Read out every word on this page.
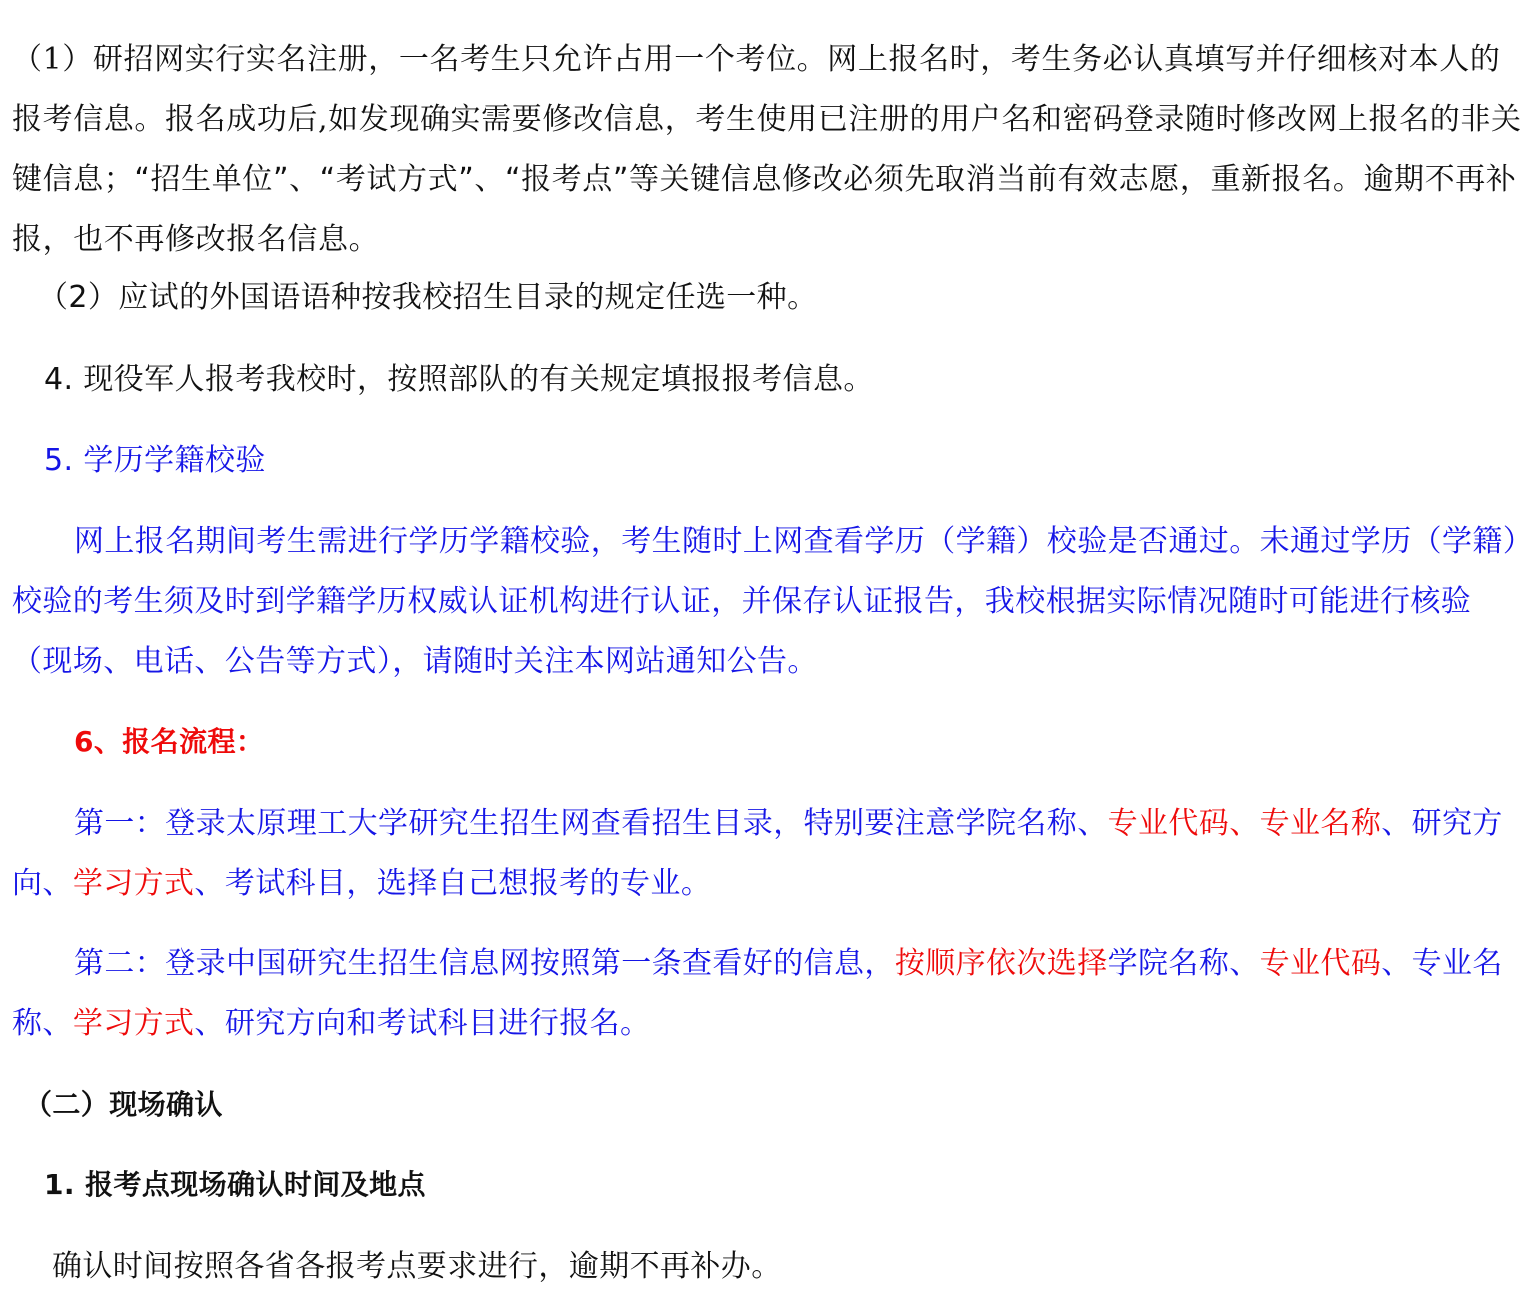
（1）研招网实行实名注册，一名考生只允许占用一个考位。网上报名时，考生务必认真填写并仔细核对本人的报考信息。报名成功后,如发现确实需要修改信息，考生使用已注册的用户名和密码登录随时修改网上报名的非关键信息；“招生单位”、“考试方式”、“报考点”等关键信息修改必须先取消当前有效志愿，重新报名。逾期不再补报，也不再修改报名信息。

（2）应试的外国语语种按我校招生目录的规定任选一种。

4. 现役军人报考我校时，按照部队的有关规定填报报考信息。

5. 学历学籍校验

网上报名期间考生需进行学历学籍校验，考生随时上网查看学历（学籍）校验是否通过。未通过学历（学籍）校验的考生须及时到学籍学历权威认证机构进行认证，并保存认证报告，我校根据实际情况随时可能进行核验（现场、电话、公告等方式），请随时关注本网站通知公告。

6、报名流程：

第一：登录太原理工大学研究生招生网查看招生目录，特别要注意学院名称、专业代码、专业名称、研究方向、学习方式、考试科目，选择自己想报考的专业。

第二：登录中国研究生招生信息网按照第一条查看好的信息，按顺序依次选择学院名称、专业代码、专业名称、学习方式、研究方向和考试科目进行报名。

（二）现场确认

1. 报考点现场确认时间及地点

确认时间按照各省各报考点要求进行，逾期不再补办。
